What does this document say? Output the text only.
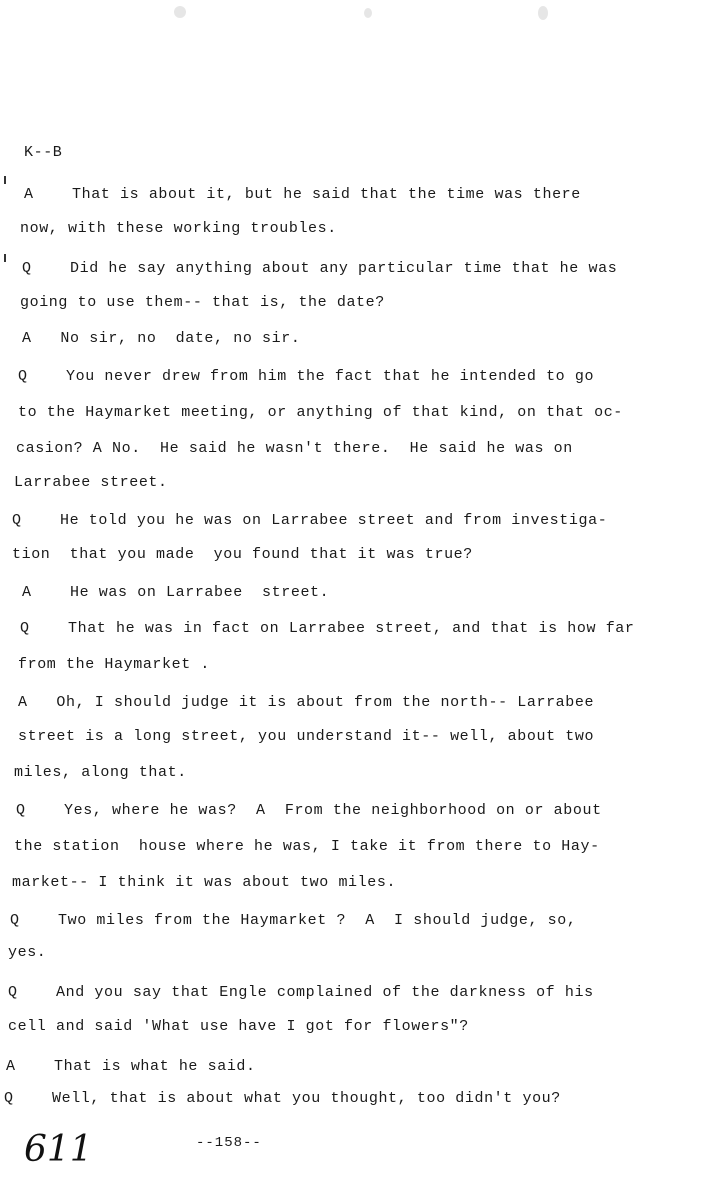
K--B
A    That is about it, but he said that the time was there
now, with these working troubles.
Q    Did he say anything about any particular time that he was
going to use them-- that is, the date?
A   No sir, no  date, no sir.
Q    You never drew from him the fact that he intended to go
to the Haymarket meeting, or anything of that kind, on that oc-
casion? A No.  He said he wasn't there.  He said he was on
Larrabee street.
Q    He told you he was on Larrabee street and from investiga-
tion  that you made  you found that it was true?
A    He was on Larrabee  street.
Q    That he was in fact on Larrabee street, and that is how far
from the Haymarket .
A   Oh, I should judge it is about from the north-- Larrabee
street is a long street, you understand it-- well, about two
miles, along that.
Q    Yes, where he was?  A  From the neighborhood on or about
the station  house where he was, I take it from there to Hay-
market-- I think it was about two miles.
Q    Two miles from the Haymarket ?  A  I should judge, so,
yes.
Q    And you say that Engle complained of the darkness of his
cell and said 'What use have I got for flowers"?
A    That is what he said.
Q    Well, that is about what you thought, too didn't you?
611	--158--
